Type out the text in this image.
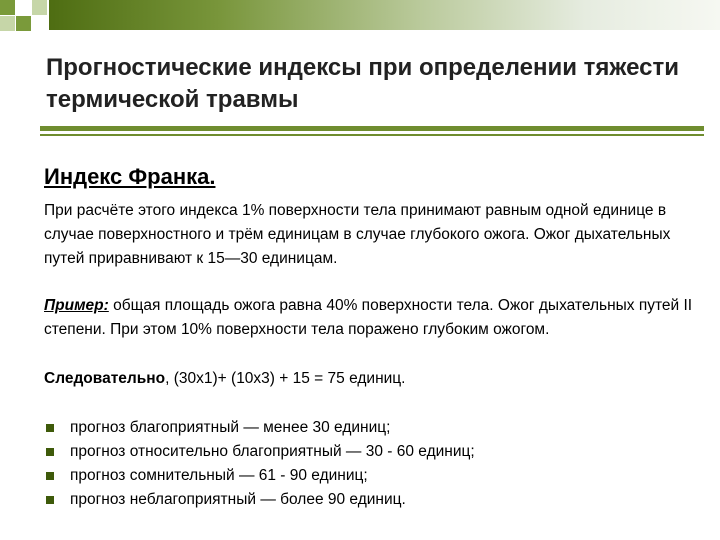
Прогностические индексы при определении тяжести термической травмы
Индекс Франка.
При расчёте этого индекса 1% поверхности тела принимают равным одной единице в случае поверхностного и трём единицам в случае глубокого ожога. Ожог дыхательных путей приравнивают к 15—30 единицам.
Пример: общая площадь ожога равна 40% поверхности тела. Ожог дыхательных путей II степени. При этом 10% поверхности тела поражено глубоким ожогом.
Следовательно, (30х1)+ (10х3) + 15 = 75 единиц.
прогноз благоприятный — менее 30 единиц;
прогноз относительно благоприятный — 30 - 60 единиц;
прогноз сомнительный — 61 - 90 единиц;
прогноз неблагоприятный — более 90 единиц.
